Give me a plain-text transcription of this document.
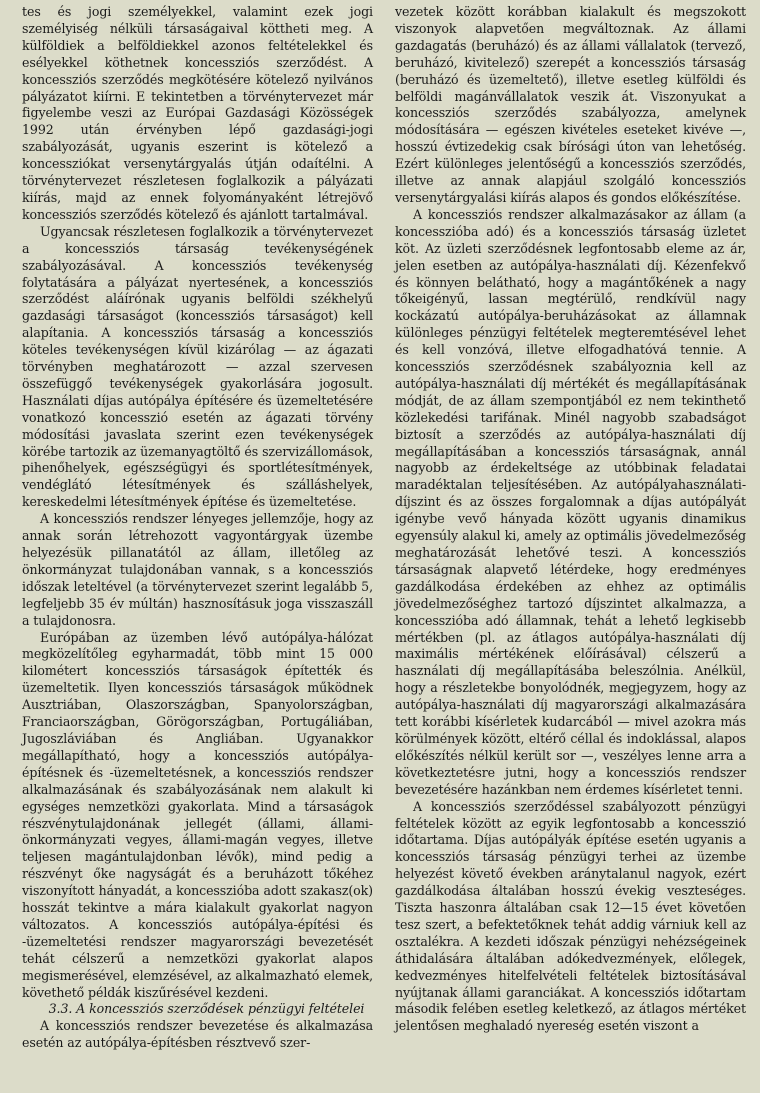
tes és jogi személyekkel, valamint ezek jogi személyiség nélküli társaságaival köttheti meg. A külföldiek a belföldiekkel azonos feltételekkel és esélyekkel köthetnek koncessziós szerződést. A koncessziós szerződés megkötésére kötelező nyilvános pályázatot kiírni. E tekintetben a törvénytervezet már figyelembe veszi az Európai Gazdasági Közösségek 1992 után érvényben lépő gazdasági-jogi szabályozását, ugyanis eszerint is kötelező a koncessziókat versenytárgyalás útján odaítélni. A törvénytervezet részletesen foglalkozik a pályázati kiírás, majd az ennek folyományaként létrejövő koncessziós szerződés kötelező és ajánlott tartalmával.

Ugyancsak részletesen foglalkozik a törvénytervezet a koncessziós társaság tevékenységének szabályozásával. A koncessziós tevékenység folytatására a pályázat nyertesének, a koncessziós szerződést aláírónak ugyanis belföldi székhelyű gazdasági társaságot (koncessziós társaságot) kell alapítania. A koncessziós társaság a koncessziós köteles tevékenységen kívül kizárólag — az ágazati törvényben meghatározott — azzal szervesen összefüggő tevékenységek gyakorlására jogosult. Használati díjas autópálya építésére és üzemeltetésére vonatkozó koncesszió esetén az ágazati törvény módosítási javaslata szerint ezen tevékenységek körébe tartozik az üzemanyagtöltő és szervizállomások, pihenőhelyek, egészségügyi és sportlétesítmények, vendéglátó létesítmények és szálláshelyek, kereskedelmi létesítmények építése és üzemeltetése.

A koncessziós rendszer lényeges jellemzője, hogy az annak során létrehozott vagyontárgyak üzembe helyezésük pillanatától az állam, illetőleg az önkormányzat tulajdonában vannak, s a koncessziós időszak leteltével (a törvénytervezet szerint legalább 5, legfeljebb 35 év múltán) hasznosításuk joga visszaszáll a tulajdonosra.

Európában az üzemben lévő autópálya-hálózat megközelítőleg egyharmadát, több mint 15 000 kilométert koncessziós társaságok építették és üzemeltetik. Ilyen koncessziós társaságok működnek Ausztriában, Olaszországban, Spanyolországban, Franciaországban, Görögországban, Portugáliában, Jugoszláviában és Angliában. Ugyanakkor megállapítható, hogy a koncessziós autópálya-építésnek és -üzemeltetésnek, a koncessziós rendszer alkalmazásának és szabályozásának nem alakult ki egységes nemzetközi gyakorlata. Mind a társaságok részvénytulajdonának jellegét (állami, állami-önkormányzati vegyes, állami-magán vegyes, illetve teljesen magántulajdonban lévők), mind pedig a részvényt őke nagyságát és a beruházott tőkéhez viszonyított hányadát, a koncesszióba adott szakasz(ok) hosszát tekintve a mára kialakult gyakorlat nagyon változatos. A koncessziós autópálya-építési és -üzemeltetési rendszer magyarországi bevezetését tehát célszerű a nemzetközi gyakorlat alapos megismerésével, elemzésével, az alkalmazható elemek, követhető példák kiszűrésével kezdeni.

3.3. A koncessziós szerződések pénzügyi feltételei

A koncessziós rendszer bevezetése és alkalmazása esetén az autópálya-építésben résztvevő szer-

vezetek között korábban kialakult és megszokott viszonyok alapvetően megváltoznak. Az állami gazdagatás (beruházó) és az állami vállalatok (tervező, beruházó, kivitelező) szerepét a koncessziós társaság (beruházó és üzemeltető), illetve esetleg külföldi és belföldi magánvállalatok veszik át. Viszonyukat a koncessziós szerződés szabályozza, amelynek módosítására — egészen kivételes eseteket kivéve —, hosszú évtizedekig csak bírósági úton van lehetőség. Ezért különleges jelentőségű a koncessziós szerződés, illetve az annak alapjául szolgáló koncessziós versenytárgyalási kiírás alapos és gondos előkészítése.

A koncessziós rendszer alkalmazásakor az állam (a koncesszióba adó) és a koncessziós társaság üzletet köt. Az üzleti szerződésnek legfontosabb eleme az ár, jelen esetben az autópálya-használati díj. Kézenfekvő és könnyen belátható, hogy a magántőkének a nagy tőkeigényű, lassan megtérülő, rendkívül nagy kockázatú autópálya-beruházásokat az államnak különleges pénzügyi feltételek megteremtésével lehet és kell vonzóvá, illetve elfogadhatóvá tennie. A koncessziós szerződésnek szabályoznia kell az autópálya-használati díj mértékét és megállapításának módját, de az állam szempontjából ez nem tekinthető közlekedési tarifának. Minél nagyobb szabadságot biztosít a szerződés az autópálya-használati díj megállapításában a koncessziós társaságnak, annál nagyobb az érdekeltsége az utóbbinak feladatai maradéktalan teljesítésében. Az autópályahasználati-díjszint és az összes forgalomnak a díjas autópályát igénybe vevő hányada között ugyanis dinamikus egyensúly alakul ki, amely az optimális jövedelmezőség meghatározását lehetővé teszi. A koncessziós társaságnak alapvető létérdeke, hogy eredményes gazdálkodása érdekében az ehhez az optimális jövedelmezőséghez tartozó díjszintet alkalmazza, a koncesszióba adó államnak, tehát a lehető legkisebb mértékben (pl. az átlagos autópálya-használati díj maximális mértékének előírásával) célszerű a használati díj megállapításába beleszólnia. Anélkül, hogy a részletekbe bonyolódnék, megjegyzem, hogy az autópálya-használati díj magyarországi alkalmazására tett korábbi kísérletek kudarcából — mivel azokra más körülmények között, eltérő céllal és indoklással, alapos előkészítés nélkül került sor —, veszélyes lenne arra a következtetésre jutni, hogy a koncessziós rendszer bevezetésére hazánkban nem érdemes kísérletet tenni.

A koncessziós szerződéssel szabályozott pénzügyi feltételek között az egyik legfontosabb a koncesszió időtartama. Díjas autópályák építése esetén ugyanis a koncessziós társaság pénzügyi terhei az üzembe helyezést követő években aránytalanul nagyok, ezért gazdálkodása általában hosszú évekig veszteséges. Tiszta haszonra általában csak 12—15 évet követően tesz szert, a befektetőknek tehát addig várniuk kell az osztalékra. A kezdeti időszak pénzügyi nehézségeinek áthidalására általában adókedvezmények, előlegek, kedvezményes hitelfelvételi feltételek biztosításával nyújtanak állami garanciákat. A koncessziós időtartam második felében esetleg keletkező, az átlagos mértéket jelentősen meghaladó nyereség esetén viszont a
